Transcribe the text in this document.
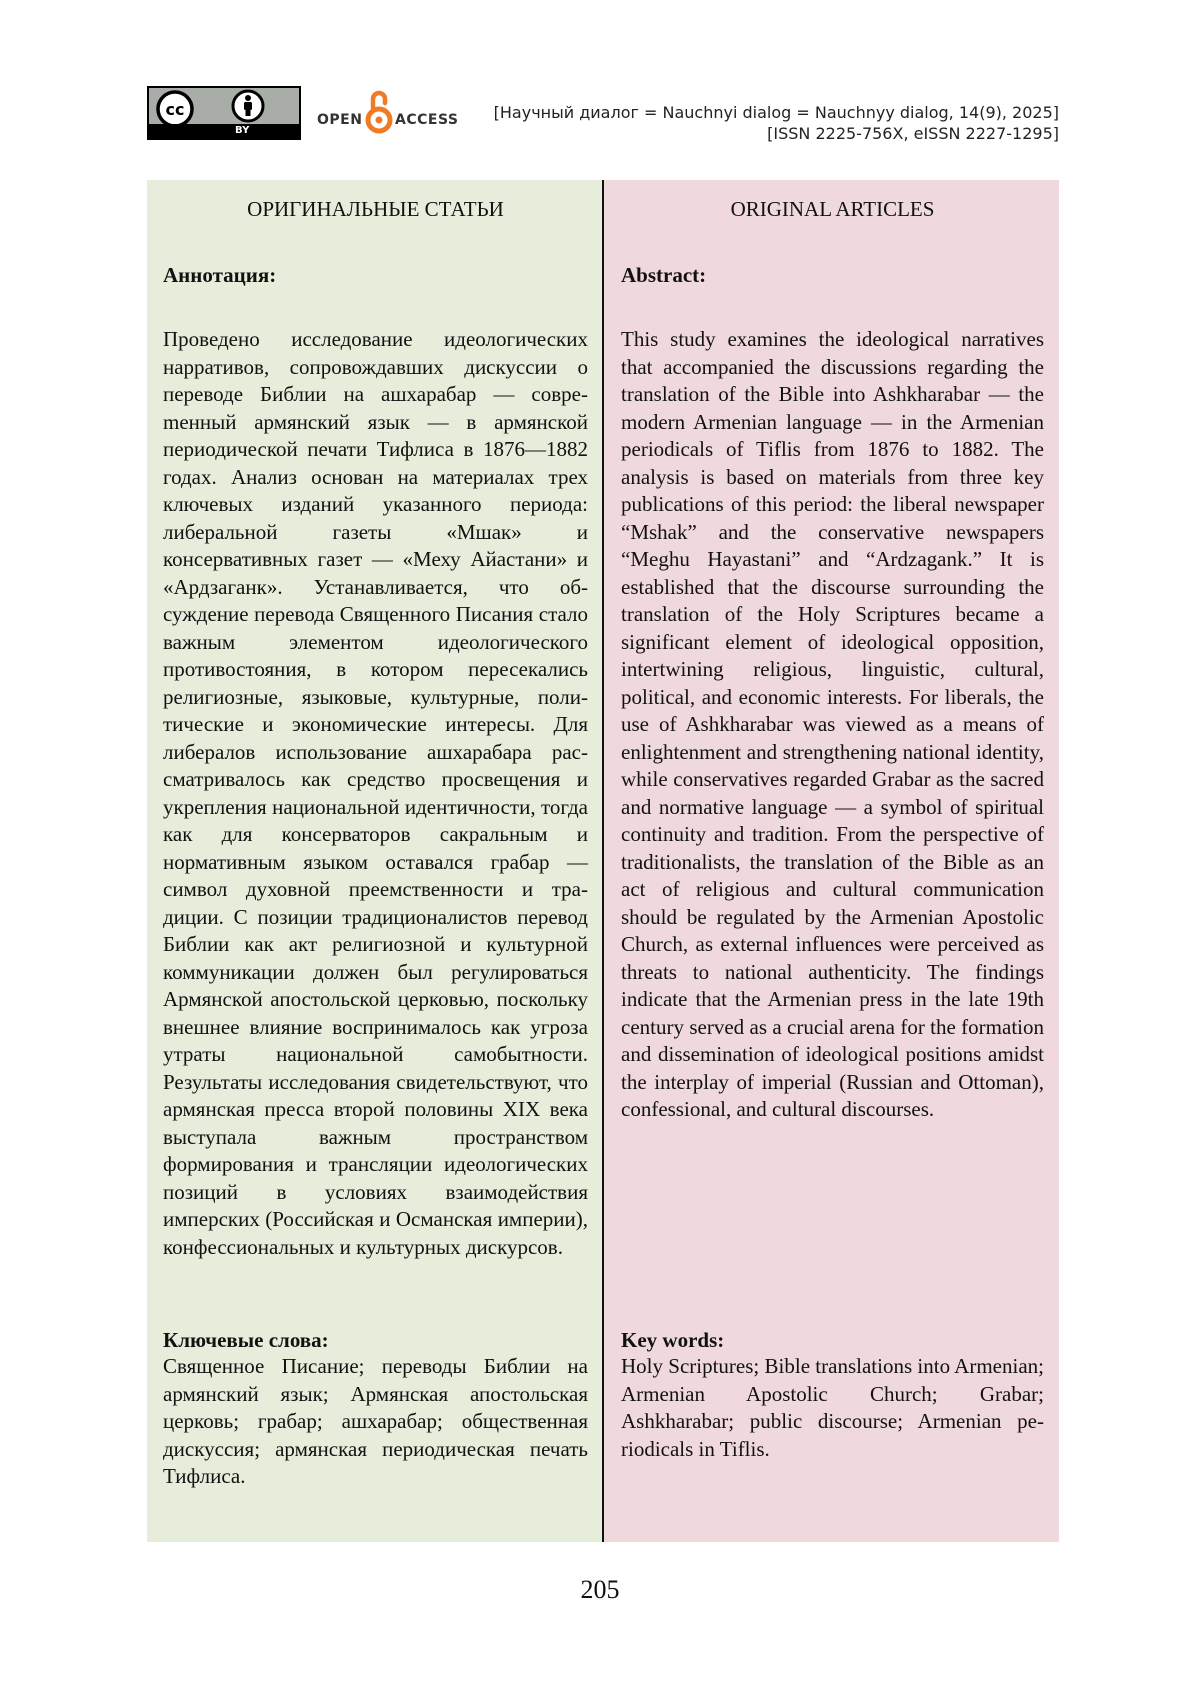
cc
BY
OPEN ACCESS [Научный диалог = Nauchnyi dialog = Nauchnyy dialog, 14(9), 2025]
[ISSN 2225-756X, eISSN 2227-1295]
ОРИГИНАЛЬНЫЕ СТАТЬИ
Аннотация:
Проведено исследование идеологических нарративов, сопровождавших дискуссии о переводе Библии на ашхарабар — совреmенный армянский язык — в армянской периодической печати Тифлиса в 1876—1882 годах. Анализ основан на материалах трех ключевых изданий указанного периода: либеральной газеты «Мшак» и консервативных газет — «Меху Айастани» и «Ардзаганк». Устанавливается, что обсуждение перевода Священного Писания стало важным элементом идеологического противостояния, в котором пересекались религиозные, языковые, культурные, политические и экономические интересы. Для либералов использование ашхарабара рассматривалось как средство просвещения и укрепления национальной идентичности, тогда как для консерваторов сакральным и нормативным языком оставался грабар — символ духовной преемственности и традиции. С позиции традиционалистов перевод Библии как акт религиозной и культурной коммуникации должен был регулироваться Армянской апостольской церковью, поскольку внешнее влияние воспринималось как угроза утраты национальной самобытности. Результаты исследования свидетельствуют, что армянская пресса второй половины XIX века выступала важным пространством формирования и трансляции идеологических позиций в условиях взаимодействия имперских (Российская и Османская империи), конфессиональных и культурных дискурсов.
Ключевые слова:
Священное Писание; переводы Библии на армянский язык; Армянская апостольская церковь; грабар; ашхарабар; общественная дискуссия; армянская периодическая печать Тифлиса.
ORIGINAL ARTICLES
Abstract:
This study examines the ideological narratives that accompanied the discussions regarding the translation of the Bible into Ashkharabar — the modern Armenian language — in the Armenian periodicals of Tiflis from 1876 to 1882. The analysis is based on materials from three key publications of this period: the liberal newspaper “Mshak” and the conservative newspapers “Meghu Hayastani” and “Ardzagank.” It is established that the discourse surrounding the translation of the Holy Scriptures became a significant element of ideological opposition, intertwining religious, linguistic, cultural, political, and economic interests. For liberals, the use of Ashkharabar was viewed as a means of enlightenment and strengthening national identity, while conservatives regarded Grabar as the sacred and normative language — a symbol of spiritual continuity and tradition. From the perspective of traditionalists, the translation of the Bible as an act of religious and cultural communication should be regulated by the Armenian Apostolic Church, as external influences were perceived as threats to national authenticity. The findings indicate that the Armenian press in the late 19th century served as a crucial arena for the formation and dissemination of ideological positions amidst the interplay of imperial (Russian and Ottoman), confessional, and cultural discourses.
Key words:
Holy Scriptures; Bible translations into Armenian; Armenian Apostolic Church; Grabar; Ashkharabar; public discourse; Armenian periodicals in Tiflis.
205
